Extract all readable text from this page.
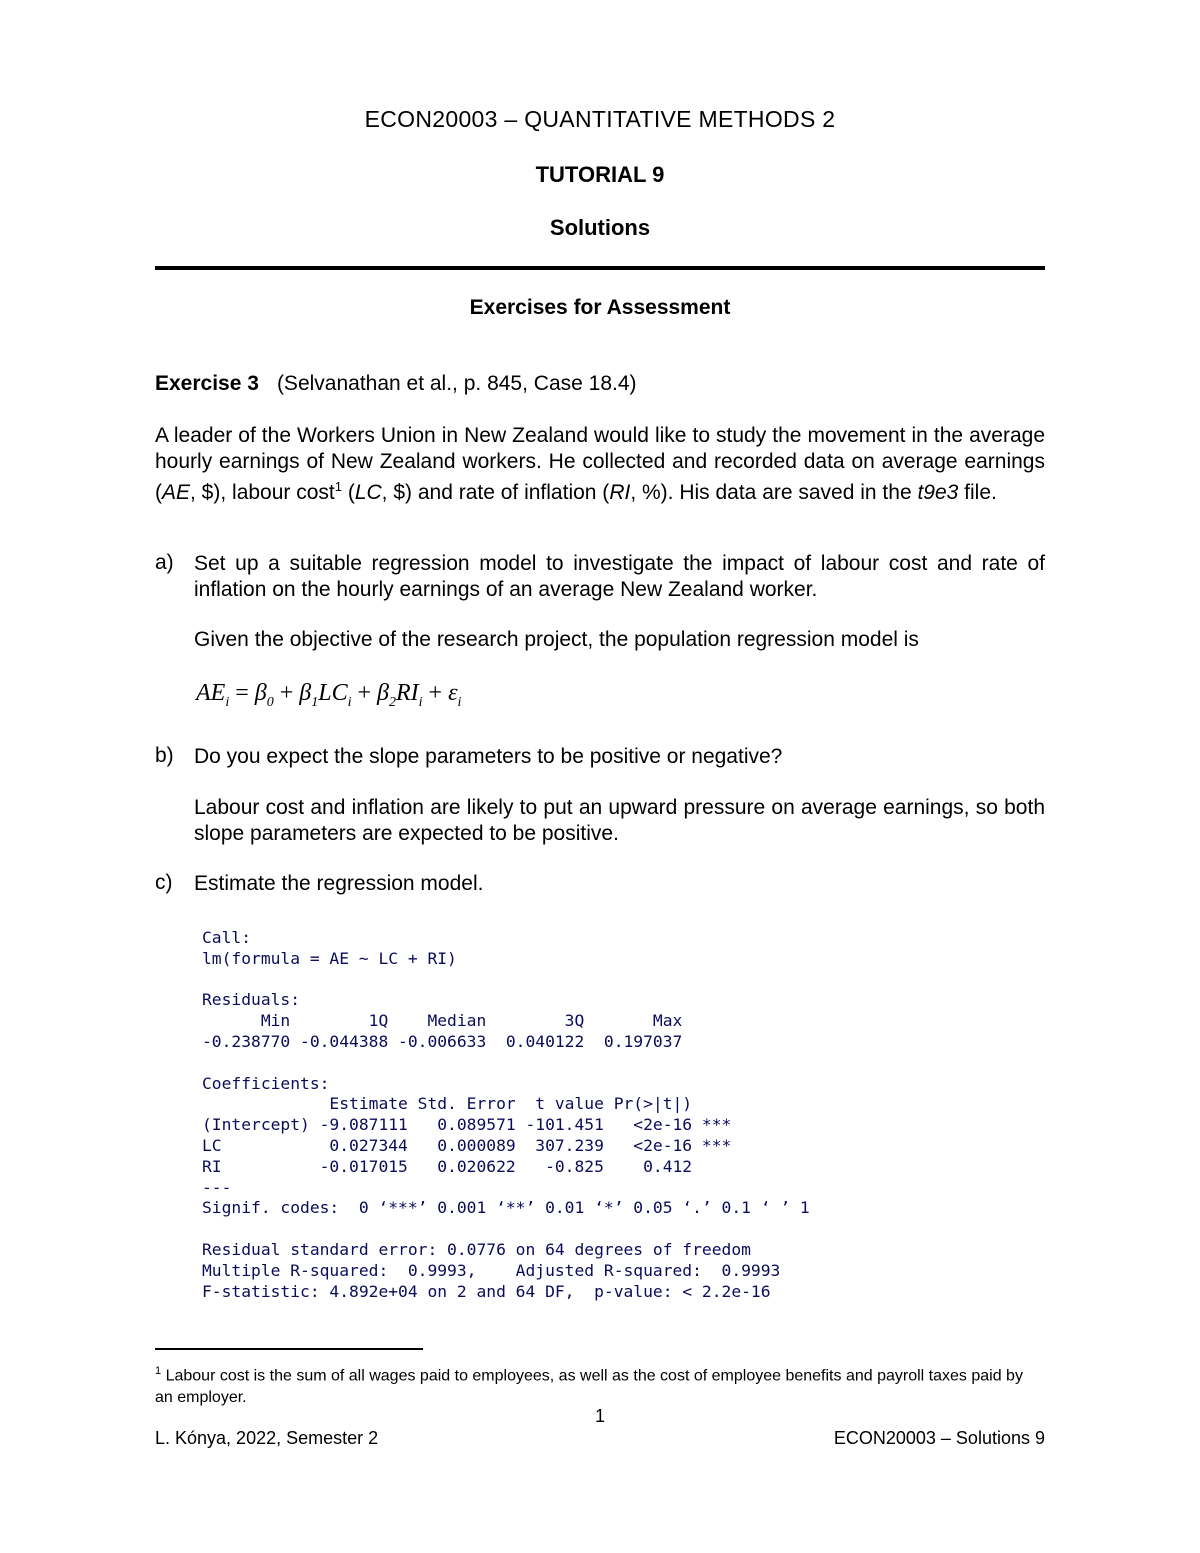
ECON20003 – QUANTITATIVE METHODS 2
TUTORIAL 9
Solutions
Exercises for Assessment
Exercise 3 (Selvanathan et al., p. 845, Case 18.4)
A leader of the Workers Union in New Zealand would like to study the movement in the average hourly earnings of New Zealand workers. He collected and recorded data on average earnings (AE, $), labour cost$^1$ (LC, $) and rate of inflation (RI, %). His data are saved in the t9e3 file.
a) Set up a suitable regression model to investigate the impact of labour cost and rate of inflation on the hourly earnings of an average New Zealand worker.
Given the objective of the research project, the population regression model is
$AE_i = \beta_0 + \beta_1LC_i + \beta_2RI_i + \varepsilon_i$
b) Do you expect the slope parameters to be positive or negative?
Labour cost and inflation are likely to put an upward pressure on average earnings, so both slope parameters are expected to be positive.
c) Estimate the regression model.
Call:
lm(formula = AE ~ LC + RI)

Residuals:
Min        1Q    Median        3Q       Max
-0.238770 -0.044388 -0.006633  0.040122  0.197037

Coefficients:
Estimate Std. Error  t value Pr(>|t|)
(Intercept) -9.087111   0.089571 -101.451   <2e-16 ***
LC           0.027344   0.000089  307.239   <2e-16 ***
RI          -0.017015   0.020622   -0.825    0.412
---
Signif. codes:  0 ‘***’ 0.001 ‘**’ 0.01 ‘*’ 0.05 ‘.’ 0.1 ‘ ’ 1

Residual standard error: 0.0776 on 64 degrees of freedom
Multiple R-squared:  0.9993,    Adjusted R-squared:  0.9993
F-statistic: 4.892e+04 on 2 and 64 DF,  p-value: < 2.2e-16
$^1$ Labour cost is the sum of all wages paid to employees, as well as the cost of employee benefits and payroll taxes paid by an employer.
1
L. Kónya, 2022, Semester 2	ECON20003 – Solutions 9
